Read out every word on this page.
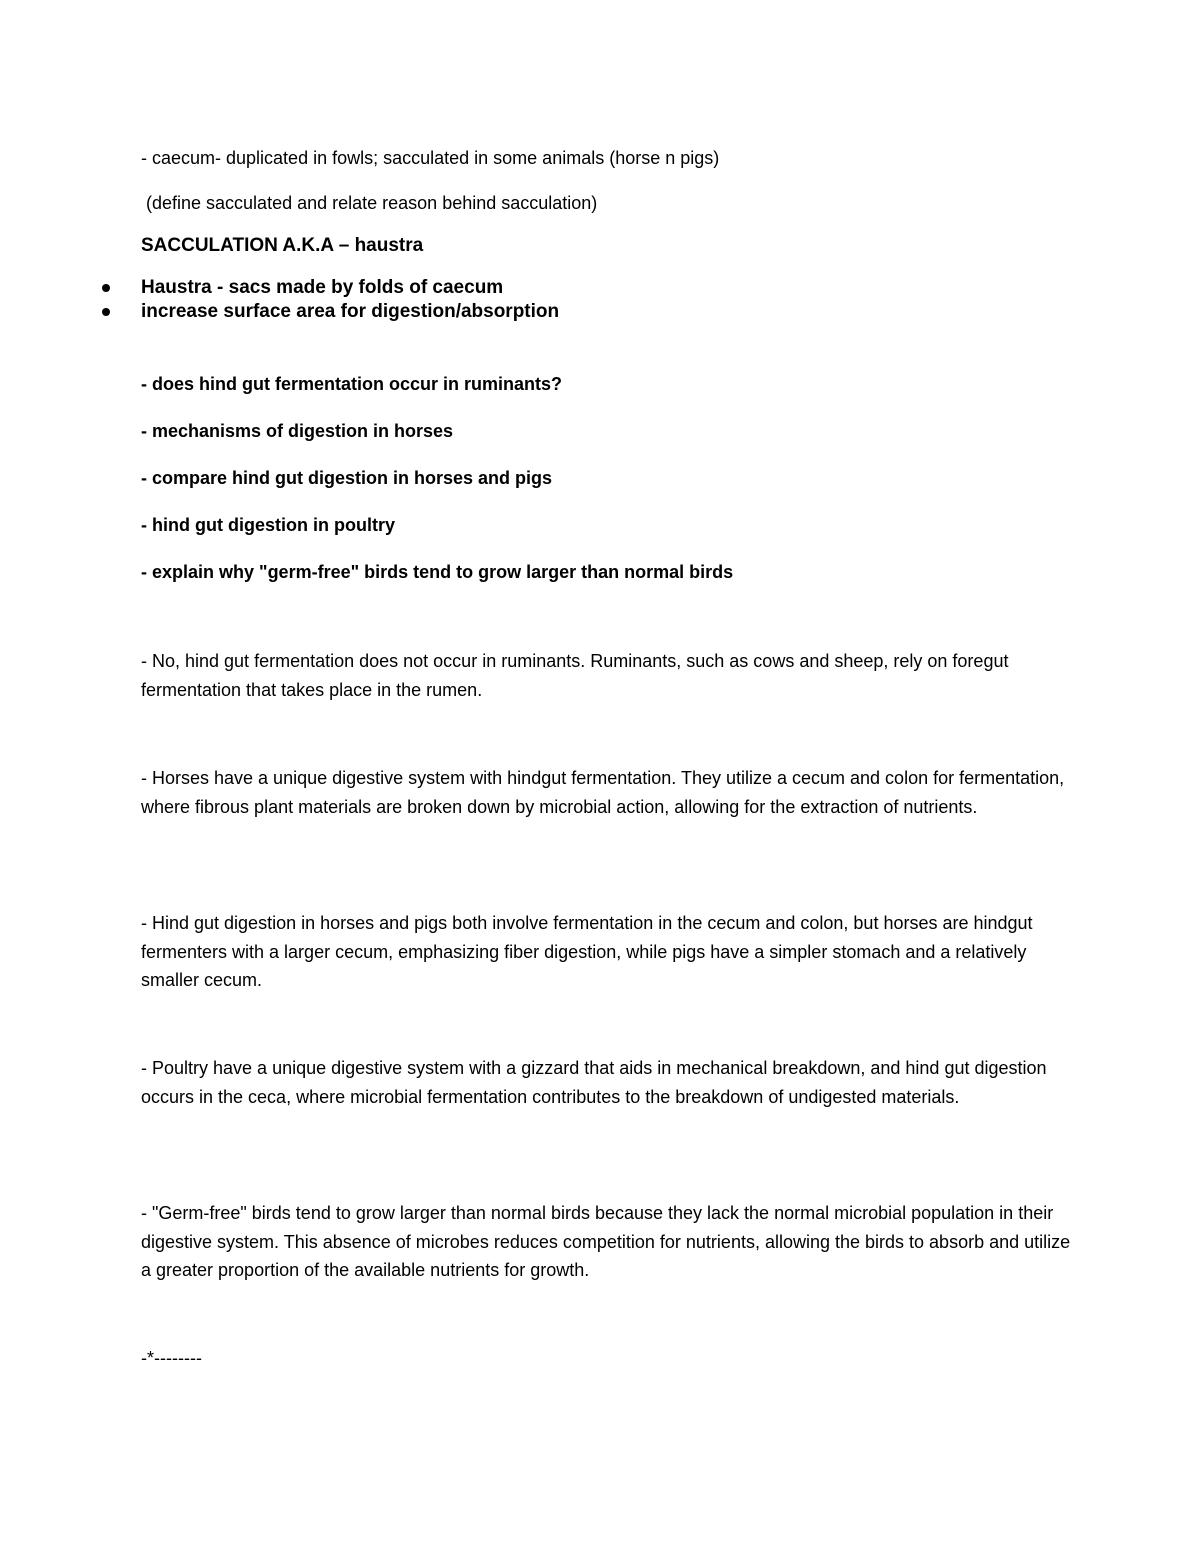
- caecum- duplicated in fowls; sacculated in some animals (horse n pigs)

(define sacculated and relate reason behind sacculation)

SACCULATION A.K.A – haustra

Haustra - sacs made by folds of caecum
increase surface area for digestion/absorption

- does hind gut fermentation occur in ruminants?

- mechanisms of digestion in horses

- compare hind gut digestion in horses and pigs

- hind gut digestion in poultry

- explain why "germ-free" birds tend to grow larger than normal birds

- No, hind gut fermentation does not occur in ruminants. Ruminants, such as cows and sheep, rely on foregut fermentation that takes place in the rumen.

- Horses have a unique digestive system with hindgut fermentation. They utilize a cecum and colon for fermentation, where fibrous plant materials are broken down by microbial action, allowing for the extraction of nutrients.

- Hind gut digestion in horses and pigs both involve fermentation in the cecum and colon, but horses are hindgut fermenters with a larger cecum, emphasizing fiber digestion, while pigs have a simpler stomach and a relatively smaller cecum.

- Poultry have a unique digestive system with a gizzard that aids in mechanical breakdown, and hind gut digestion occurs in the ceca, where microbial fermentation contributes to the breakdown of undigested materials.

- "Germ-free" birds tend to grow larger than normal birds because they lack the normal microbial population in their digestive system. This absence of microbes reduces competition for nutrients, allowing the birds to absorb and utilize a greater proportion of the available nutrients for growth.

-*--------
